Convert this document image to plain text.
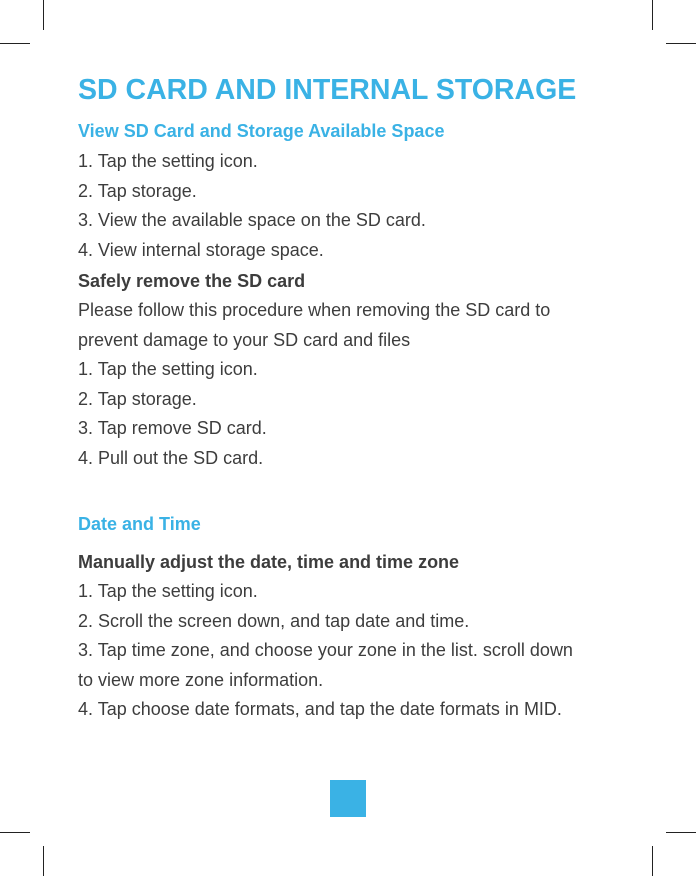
SD CARD AND INTERNAL STORAGE

View SD Card and Storage Available Space

1. Tap the setting icon.

2. Tap storage.

3. View the available space on the SD card.

4. View internal storage space.

Safely remove the SD card

Please follow this procedure when removing the SD card to

prevent damage to your SD card and files

1. Tap the setting icon.

2. Tap storage.

3. Tap remove SD card.

4. Pull out the SD card.

Date and Time

Manually adjust the date, time and time zone

1. Tap the setting icon.

2. Scroll the screen down, and tap date and time.

3. Tap time zone, and choose your zone in the list. scroll down

to view more zone information.

4. Tap choose date formats, and tap the date formats in MID.
